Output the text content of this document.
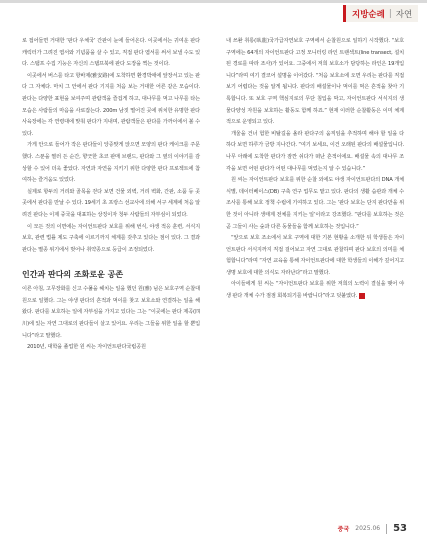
지방순례 | 자연

로 접어들면 거대한 ‘판다 우체국’ 간판이 눈에 들어온다. 이곳에서는 귀여운 판다 캐릭터가 그려진 엽서와 기념품을 살 수 있고, 직접 판다 엽서를 써서 보낼 수도 있다. 스탬프 수집 기능은 자신의 스탬프북에 판다 도장을 찍는 것이다.

이곳에서 버스를 타고 항바제(雅安路)에 도착하면 환경박애에 앞장서고 있는 판다 그 자체다. 마치 그 안에서 판다 기지를 처음 보는 거대한 어른 같은 모습이다. 판다는 다양한 표현을 보여주며 관람객을 즐겁게 하고, 대나무를 먹고 나무를 타는 모습은 사람들의 마음을 사로잡는다. 200m 남짓 떨어진 곳에 위치한 유명한 판다 사육장에는 각 연령대에 맞춰 판다가 지내며, 관람객들은 판다를 가까이에서 볼 수 있다.

가게 안으로 들어가 작은 판다들이 앙증맞게 앉으면 모양의 판다 케이크를 주문했다. 스푼을 찔러 든 순간, 향긋한 초코 판매 브랜드, 판다와 그 옆의 이야기를 감상할 수 있어 더욱 좋았다. 자연과 자연을 지키기 위한 다양한 판다 프로젝트에 참여하는 즐거움도 있었다.

실제로 항두의 거리와 골목을 걷다 보면 건물 외벽, 거리 벽화, 간판, 소품 등 곳곳에서 판다를 만날 수 있다. 19세기 초 프랑스 선교사에 의해 서구 세계에 처음 알려진 판다는 이제 중국을 대표하는 상징이자 청두 사람들의 자부심이 되었다.

이 모든 것의 이면에는 자이언트판다 보호를 위해 번식, 야생 적응 훈련, 서식지 보호, 관련 법률 제도 구축에 이르기까지 체계를 갖추고 있다는 점이 있다. 그 결과 판다는 멸종 위기에서 벗어나 취약종으로 등급이 조정되었다.

인간과 판다의 조화로운 공존

이른 아침, 고무장화를 신고 수풀을 헤치는 일을 했던 원(雅) 님은 보호구역 순찰대원으로 일했다. 그는 야생 판다의 흔적과 먹이를 찾고 보호소와 연결하는 일을 해왔다. 판다를 보호하는 일에 자부심을 가지고 있다는 그는 “이곳에는 판다 제곡(四川)에 있는 자연 그대로의 판다들이 살고 있어요. 우리는 그들을 위한 일을 할 뿐입니다”라고 말했다.

2010년, 대학을 졸업한 원 씨는 자이언트판다국립공원

내 쓰촨 취롱(臥龍)국가급자연보호 구역에서 순찰원으로 일하기 시작했다. “보호 구역에는 64개의 자이언트판다 고정 모니터링 라인 트랜섹트(line transect, 설치된 경로를 따라 조사)가 있어요. 그중에서 저희 보호소가 담당하는 라인은 19개입니다”라며 여기 결코어 설명을 이어갔다. “처음 보호소에 오면 우리는 판다를 직접 보기 어렵다는 것을 알게 됩니다. 판다의 배설물이나 먹이를 먹은 흔적을 찾아 기록합니다. 또 보호 구역 핵심지로의 무단 침입을 막고, 자이언트판다 서식지의 생물다양성 자원을 보호하는 활동도 함께 하죠.” 현재 이러한 순찰활동은 이미 체계적으로 운영되고 있다.

개울을 건너 험한 비탈길을 올라 판다구의 움직임을 추적하며 해야 할 일을 다 하다 보면 하루가 금방 지나간다. “여기 보세요, 이건 오래된 판다의 배설물입니다. 나무 아래에 도착한 판다가 잠깐 쉬다가 떠난 흔적이에요. 배설물 속의 대나무 조각을 보면 어떤 판다가 어떤 대나무를 먹었는지 알 수 있습니다.”

원 씨는 자이언트판다 보호를 위한 순찰 외에도 야생 자이언트판다의 DNA 개체 식별, 데이터베이스(DB) 구축 연구 업무도 맡고 있다. 판다의 생활 습관과 개체 수 조사를 통해 보호 정책 수립에 기여하고 있다. 그는 ‘판다 보호는 단지 판다만을 위한 것이 아니라 생태계 전체를 지키는 일’이라고 강조했다. “판다를 보호하는 것은 곧 그들이 사는 숲과 다른 동물들을 함께 보호하는 것입니다.”

“앞으로 보호 조소에서 보호 구역에 대한 기본 현황을 소개한 뒤 학생들은 자이언트판다 서식지까지 직접 걸어보고 자연 그대로 관찰하며 판다 보호의 의미를 체험합니다”라며 “자연 교육을 통해 자이언트판다에 대한 학생들의 이해가 깊어지고 생명 보호에 대한 의식도 자라난다”라고 말했다.

아이들에게 원 씨는 “자이언트판다 보호를 위한 저희의 노력이 결실을 맺어 야생 판다 개체 수가 점점 회복되기를 바랍니다”라고 덧붙였다.

중국 2025.06 53
